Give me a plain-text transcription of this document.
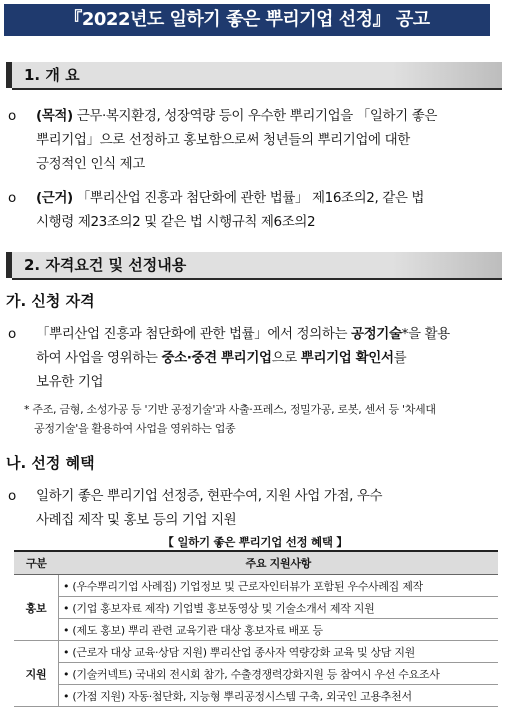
『2022년도 일하기 좋은 뿌리기업 선정』 공고
1. 개 요
o (목적) 근무·복지환경, 성장역량 등이 우수한 뿌리기업을 「일하기 좋은
뿌리기업」으로 선정하고 홍보함으로써 청년들의 뿌리기업에 대한
긍정적인 인식 제고
o (근거) 「뿌리산업 진흥과 첨단화에 관한 법률」 제16조의2, 같은 법
시행령 제23조의2 및 같은 법 시행규칙 제6조의2
2. 자격요건 및 선정내용
가. 신청 자격
o 「뿌리산업 진흥과 첨단화에 관한 법률」에서 정의하는 공정기술*을 활용
하여 사업을 영위하는 중소·중견 뿌리기업으로 뿌리기업 확인서를
보유한 기업
* 주조, 금형, 소성가공 등 '기반 공정기술'과 사출·프레스, 정밀가공, 로봇, 센서 등 '차세대
공정기술'을 활용하여 사업을 영위하는 업종
나. 선정 혜택
o 일하기 좋은 뿌리기업 선정증, 현판수여, 지원 사업 가점, 우수
사례집 제작 및 홍보 등의 기업 지원
【 일하기 좋은 뿌리기업 선정 혜택 】
구분	주요 지원사항
홍보	• (우수뿌리기업 사례집) 기업정보 및 근로자인터뷰가 포함된 우수사례집 제작
	• (기업 홍보자료 제작) 기업별 홍보동영상 및 기술소개서 제작 지원
	• (제도 홍보) 뿌리 관련 교육기관 대상 홍보자료 배포 등
지원	• (근로자 대상 교육·상담 지원) 뿌리산업 종사자 역량강화 교육 및 상담 지원
	• (기술커넥트) 국내외 전시회 참가, 수출경쟁력강화지원 등 참여시 우선 수요조사
	• (가점 지원) 자동·첨단화, 지능형 뿌리공정시스템 구축, 외국인 고용추천서
